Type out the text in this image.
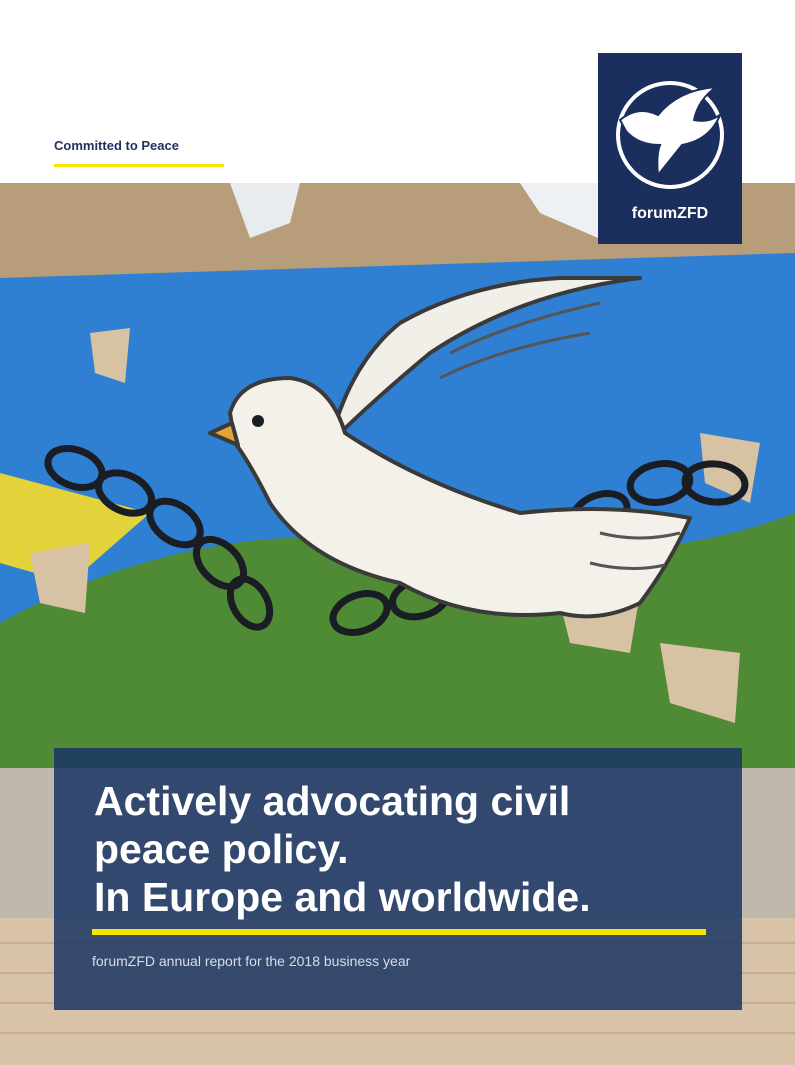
Committed to Peace
forumZFD
Actively advocating civil
peace policy.
In Europe and worldwide.
forumZFD annual report for the 2018 business year
